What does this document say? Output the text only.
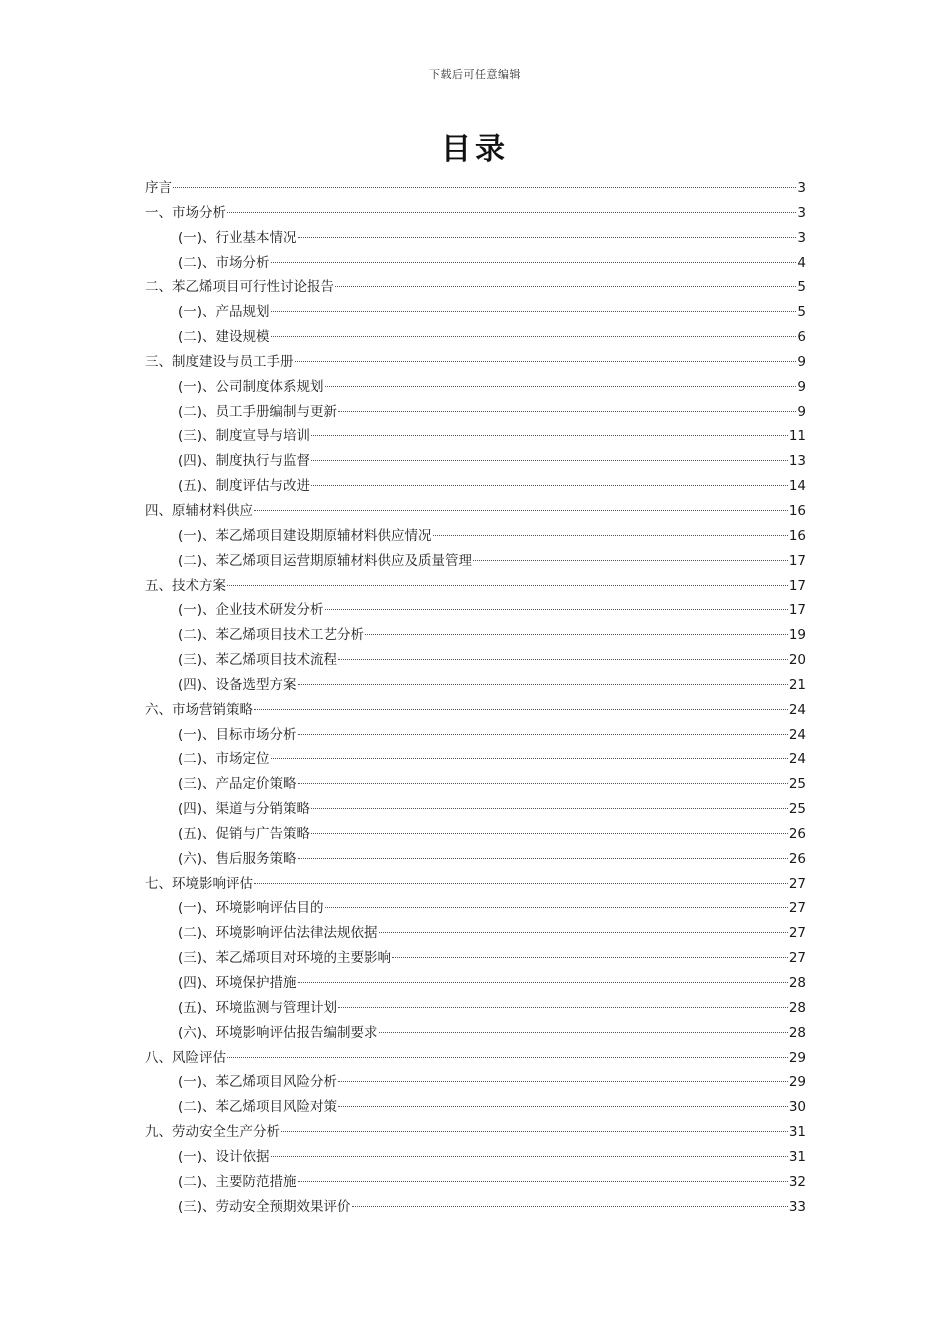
下载后可任意编辑
目录
序言	3
一、市场分析	3
(一)、行业基本情况	3
(二)、市场分析	4
二、苯乙烯项目可行性讨论报告	5
(一)、产品规划	5
(二)、建设规模	6
三、制度建设与员工手册	9
(一)、公司制度体系规划	9
(二)、员工手册编制与更新	9
(三)、制度宣导与培训	11
(四)、制度执行与监督	13
(五)、制度评估与改进	14
四、原辅材料供应	16
(一)、苯乙烯项目建设期原辅材料供应情况	16
(二)、苯乙烯项目运营期原辅材料供应及质量管理	17
五、技术方案	17
(一)、企业技术研发分析	17
(二)、苯乙烯项目技术工艺分析	19
(三)、苯乙烯项目技术流程	20
(四)、设备选型方案	21
六、市场营销策略	24
(一)、目标市场分析	24
(二)、市场定位	24
(三)、产品定价策略	25
(四)、渠道与分销策略	25
(五)、促销与广告策略	26
(六)、售后服务策略	26
七、环境影响评估	27
(一)、环境影响评估目的	27
(二)、环境影响评估法律法规依据	27
(三)、苯乙烯项目对环境的主要影响	27
(四)、环境保护措施	28
(五)、环境监测与管理计划	28
(六)、环境影响评估报告编制要求	28
八、风险评估	29
(一)、苯乙烯项目风险分析	29
(二)、苯乙烯项目风险对策	30
九、劳动安全生产分析	31
(一)、设计依据	31
(二)、主要防范措施	32
(三)、劳动安全预期效果评价	33
